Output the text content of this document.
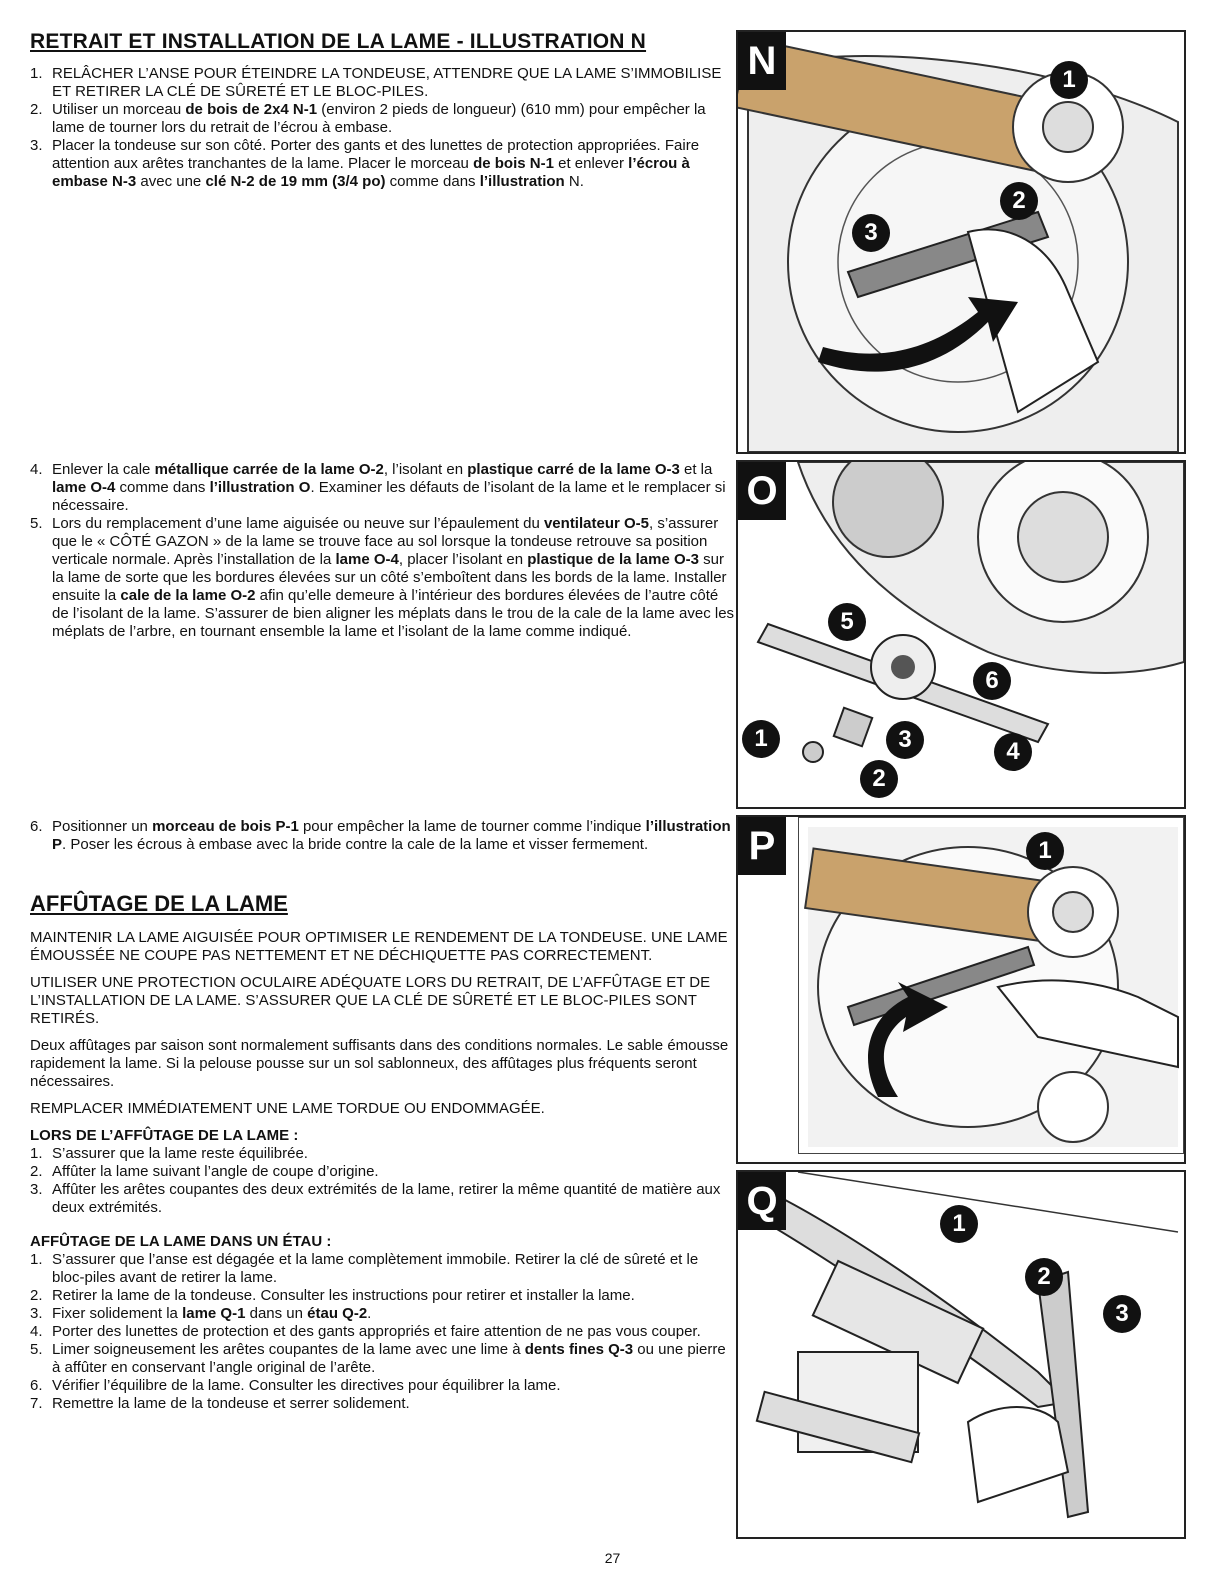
RETRAIT ET INSTALLATION DE LA LAME - ILLUSTRATION N
1. RELÂCHER L’ANSE POUR ÉTEINDRE LA TONDEUSE, ATTENDRE QUE LA LAME S’IMMOBILISE ET RETIRER LA CLÉ DE SÛRETÉ ET LE BLOC-PILES.
2. Utiliser un morceau de bois de 2x4 N-1 (environ 2 pieds de longueur) (610 mm) pour empêcher la lame de tourner lors du retrait de l’écrou à embase.
3. Placer la tondeuse sur son côté. Porter des gants et des lunettes de protection appropriées. Faire attention aux arêtes tranchantes de la lame. Placer le morceau de bois N-1 et enlever l’écrou à embase N-3 avec une clé N-2 de 19 mm (3/4 po) comme dans l’illustration N.
4. Enlever la cale métallique carrée de la lame O-2, l’isolant en plastique carré de la lame O-3 et la lame O-4 comme dans l’illustration O. Examiner les défauts de l’isolant de la lame et le remplacer si nécessaire.
5. Lors du remplacement d’une lame aiguisée ou neuve sur l’épaulement du ventilateur O-5, s’assurer que le « CÔTÉ GAZON » de la lame se trouve face au sol lorsque la tondeuse retrouve sa position verticale normale. Après l’installation de la lame O-4, placer l’isolant en plastique de la lame O-3 sur la lame de sorte que les bordures élevées sur un côté s’emboîtent dans les bords de la lame. Installer ensuite la cale de la lame O-2 afin qu’elle demeure à l’intérieur des bordures élevées de l’autre côté de l’isolant de la lame. S’assurer de bien aligner les méplats dans le trou de la cale de la lame avec les méplats de l’arbre, en tournant ensemble la lame et l’isolant de la lame comme indiqué.
6. Positionner un morceau de bois P-1 pour empêcher la lame de tourner comme l’indique l’illustration P. Poser les écrous à embase avec la bride contre la cale de la lame et visser fermement.
AFFÛTAGE DE LA LAME

MAINTENIR LA LAME AIGUISÉE POUR OPTIMISER LE RENDEMENT DE LA TONDEUSE. UNE LAME ÉMOUSSÉE NE COUPE PAS NETTEMENT ET NE DÉCHIQUETTE PAS CORRECTEMENT.

UTILISER UNE PROTECTION OCULAIRE ADÉQUATE LORS DU RETRAIT, DE L’AFFÛTAGE ET DE L’INSTALLATION DE LA LAME. S’ASSURER QUE LA CLÉ DE SÛRETÉ ET LE BLOC-PILES SONT RETIRÉS.

Deux affûtages par saison sont normalement suffisants dans des conditions normales. Le sable émousse rapidement la lame. Si la pelouse pousse sur un sol sablonneux, des affûtages plus fréquents seront nécessaires.

REMPLACER IMMÉDIATEMENT UNE LAME TORDUE OU ENDOMMAGÉE.

LORS DE L’AFFÛTAGE DE LA LAME :

1. S’assurer que la lame reste équilibrée.
2. Affûter la lame suivant l’angle de coupe d’origine.
3. Affûter les arêtes coupantes des deux extrémités de la lame, retirer la même quantité de matière aux deux extrémités.

AFFÛTAGE DE LA LAME DANS UN ÉTAU :

1. S’assurer que l’anse est dégagée et la lame complètement immobile. Retirer la clé de sûreté et le bloc-piles avant de retirer la lame.
2. Retirer la lame de la tondeuse. Consulter les instructions pour retirer et installer la lame.
3. Fixer solidement la lame Q-1 dans un étau Q-2.
4. Porter des lunettes de protection et des gants appropriés et faire attention de ne pas vous couper.
5. Limer soigneusement les arêtes coupantes de la lame avec une lime à dents fines Q-3 ou une pierre à affûter en conservant l’angle original de l’arête.
6. Vérifier l’équilibre de la lame. Consulter les directives pour équilibrer la lame.
7. Remettre la lame de la tondeuse et serrer solidement.
N	1
2
3
O
1
2
3	4
5
6
P	1
Q
1
2
3
27
